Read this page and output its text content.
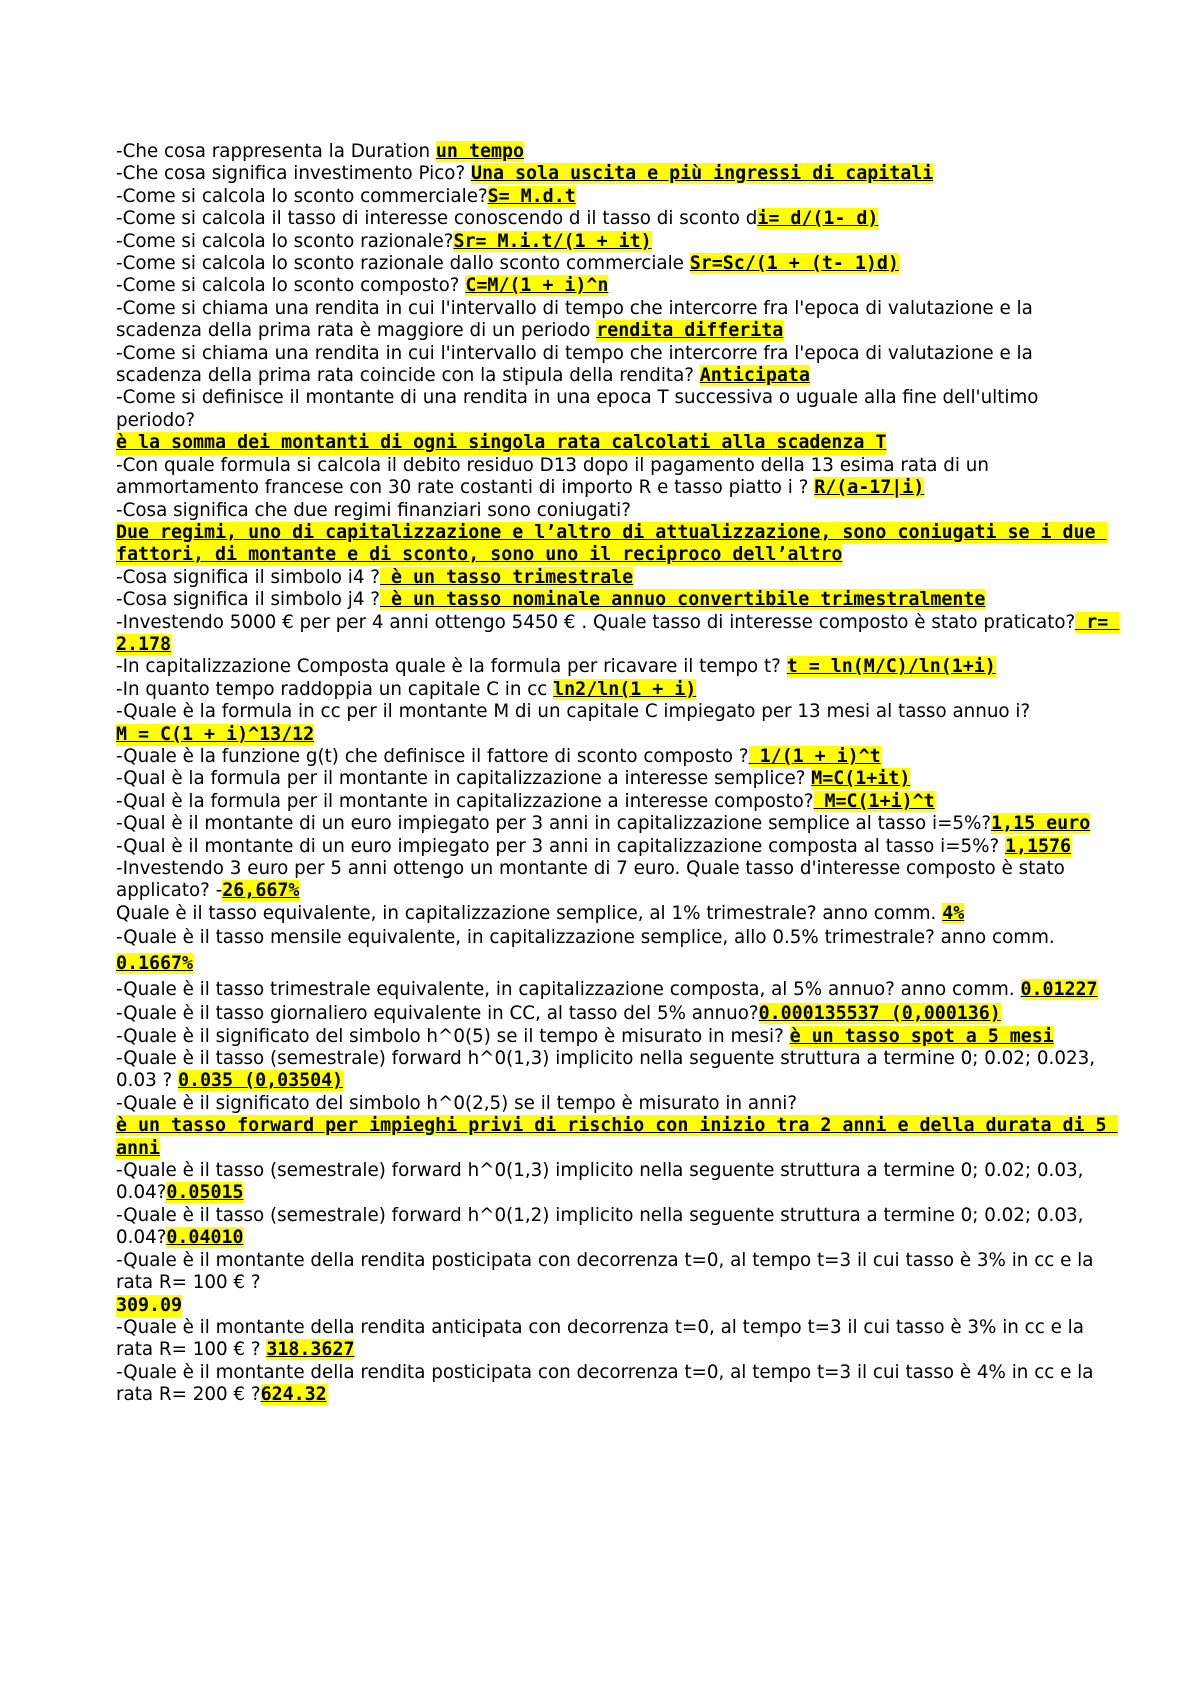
-Che cosa rappresenta la Duration un tempo

-Che cosa significa investimento Pico? Una sola uscita e più ingressi di capitali

-Come si calcola lo sconto commerciale?S= M.d.t

-Come si calcola il tasso di interesse conoscendo d il tasso di sconto di= d/(1- d)

-Come si calcola lo sconto razionale?Sr= M.i.t/(1 + it)

-Come si calcola lo sconto razionale dallo sconto commerciale Sr=Sc/(1 + (t- 1)d)

-Come si calcola lo sconto composto? C=M/(1 + i)^n

-Come si chiama una rendita in cui l'intervallo di tempo che intercorre fra l'epoca di valutazione e la scadenza della prima rata è maggiore di un periodo rendita differita

-Come si chiama una rendita in cui l'intervallo di tempo che intercorre fra l'epoca di valutazione e la scadenza della prima rata coincide con la stipula della rendita? Anticipata

-Come si definisce il montante di una rendita in una epoca T successiva o uguale alla fine dell'ultimo periodo?
è la somma dei montanti di ogni singola rata calcolati alla scadenza T

-Con quale formula si calcola il debito residuo D13 dopo il pagamento della 13 esima rata di un ammortamento francese con 30 rate costanti di importo R e tasso piatto i ? R/(a-17|i)

-Cosa significa che due regimi finanziari sono coniugati?
Due regimi, uno di capitalizzazione e l’altro di attualizzazione, sono coniugati se i due fattori, di montante e di sconto, sono uno il reciproco dell’altro

-Cosa significa il simbolo i4 ? è un tasso trimestrale

-Cosa significa il simbolo j4 ? è un tasso nominale annuo convertibile trimestralmente

-Investendo 5000 € per per 4 anni ottengo 5450 € . Quale tasso di interesse composto è stato praticato? r= 2.178

-In capitalizzazione Composta quale è la formula per ricavare il tempo t? t = ln(M/C)/ln(1+i)

-In quanto tempo raddoppia un capitale C in cc ln2/ln(1 + i)

-Quale è la formula in cc per il montante M di un capitale C impiegato per 13 mesi al tasso annuo i?
M = C(1 + i)^13/12

-Quale è la funzione g(t) che definisce il fattore di sconto composto ? 1/(1 + i)^t

-Qual è la formula per il montante in capitalizzazione a interesse semplice? M=C(1+it)

-Qual è la formula per il montante in capitalizzazione a interesse composto? M=C(1+i)^t

-Qual è il montante di un euro impiegato per 3 anni in capitalizzazione semplice al tasso i=5%?1,15 euro

-Qual è il montante di un euro impiegato per 3 anni in capitalizzazione composta al tasso i=5%? 1,1576

-Investendo 3 euro per 5 anni ottengo un montante di 7 euro. Quale tasso d'interesse composto è stato applicato? -26,667%

Quale è il tasso equivalente, in capitalizzazione semplice, al 1% trimestrale? anno comm. 4%

-Quale è il tasso mensile equivalente, in capitalizzazione semplice, allo 0.5% trimestrale? anno comm. 0.1667%

-Quale è il tasso trimestrale equivalente, in capitalizzazione composta, al 5% annuo? anno comm. 0.01227

-Quale è il tasso giornaliero equivalente in CC, al tasso del 5% annuo?0.000135537 (0,000136)

-Quale è il significato del simbolo h^0(5) se il tempo è misurato in mesi? è un tasso spot a 5 mesi

-Quale è il tasso (semestrale) forward h^0(1,3) implicito nella seguente struttura a termine 0; 0.02; 0.023, 0.03 ? 0.035 (0,03504)

-Quale è il significato del simbolo h^0(2,5) se il tempo è misurato in anni?
è un tasso forward per impieghi privi di rischio con inizio tra 2 anni e della durata di 5 anni

-Quale è il tasso (semestrale) forward h^0(1,3) implicito nella seguente struttura a termine 0; 0.02; 0.03, 0.04?0.05015

-Quale è il tasso (semestrale) forward h^0(1,2) implicito nella seguente struttura a termine 0; 0.02; 0.03, 0.04?0.04010

-Quale è il montante della rendita posticipata con decorrenza t=0, al tempo t=3 il cui tasso è 3% in cc e la rata R= 100 € ?
309.09

-Quale è il montante della rendita anticipata con decorrenza t=0, al tempo t=3 il cui tasso è 3% in cc e la rata R= 100 € ? 318.3627

-Quale è il montante della rendita posticipata con decorrenza t=0, al tempo t=3 il cui tasso è 4% in cc e la rata R= 200 € ?624.32
